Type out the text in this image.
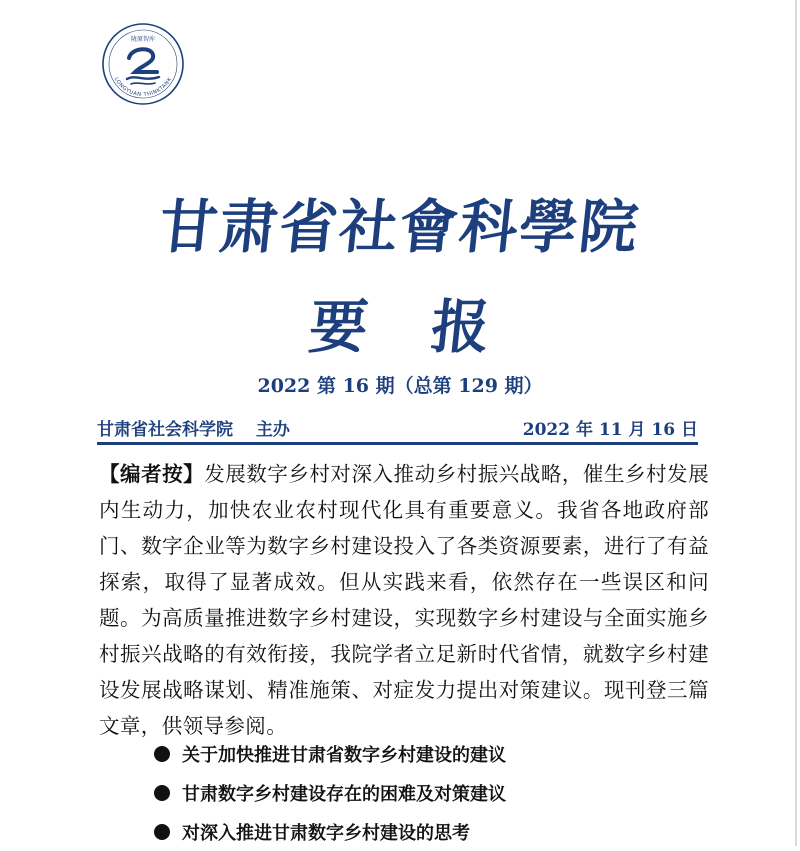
陇原智库
LONGYUAN THINKTANK
甘肃省社會科學院
要报
2022 第 16 期（总第 129 期）
甘肃省社会科学院　 主办	2022 年 11 月 16 日
【编者按】发展数字乡村对深入推动乡村振兴战略，催生乡村发展内生动力，加快农业农村现代化具有重要意义。我省各地政府部门、数字企业等为数字乡村建设投入了各类资源要素，进行了有益探索，取得了显著成效。但从实践来看，依然存在一些误区和问题。为高质量推进数字乡村建设，实现数字乡村建设与全面实施乡村振兴战略的有效衔接，我院学者立足新时代省情，就数字乡村建设发展战略谋划、精准施策、对症发力提出对策建议。现刊登三篇文章，供领导参阅。
关于加快推进甘肃省数字乡村建设的建议
甘肃数字乡村建设存在的困难及对策建议
对深入推进甘肃数字乡村建设的思考
